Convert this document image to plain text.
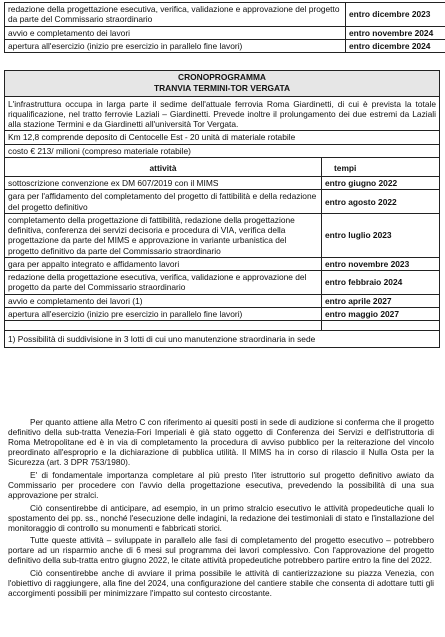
redazione della progettazione esecutiva, verifica, validazione e approvazione del progetto da parte del Commissario straordinario	entro dicembre 2023
avvio e completamento dei lavori	entro novembre 2024
apertura all'esercizio (inizio pre esercizio in parallelo fine lavori)	entro dicembre 2024
CRONOPROGRAMMA
TRANVIA TERMINI-TOR VERGATA
L'infrastruttura occupa in larga parte il sedime dell'attuale ferrovia Roma Giardinetti, di cui è prevista la totale riqualificazione, nel tratto ferrovie Laziali – Giardinetti. Prevede inoltre il prolungamento dei due estremi da Laziali alla stazione Termini e da Giardinetti all'università Tor Vergata.
Km 12,8 comprende deposito di Centocelle Est - 20 unità di materiale rotabile
costo € 213/ milioni (compreso materiale rotabile)
attività	tempi
sottoscrizione convenzione ex DM 607/2019 con il MIMS	entro giugno 2022
gara per l'affidamento del completamento del progetto di fattibilità e della redazione del progetto definitivo	entro agosto 2022
completamento della progettazione di fattibilità, redazione della progettazione definitiva, conferenza dei servizi decisoria e procedura di VIA, verifica della progettazione da parte del MIMS e approvazione in variante urbanistica del progetto definitivo da parte del Commissario straordinario	entro luglio 2023
gara per appalto integrato e affidamento lavori	entro novembre 2023
redazione della progettazione esecutiva, verifica, validazione e approvazione del progetto da parte del Commissario straordinario	entro febbraio 2024
avvio e completamento dei lavori (1)	entro aprile 2027
apertura all'esercizio (inizio pre esercizio in parallelo fine lavori)	entro maggio 2027

1) Possibilità di suddivisione in 3 lotti di cui uno manutenzione straordinaria in sede

Per quanto attiene alla Metro C con riferimento ai quesiti posti in sede di audizione si conferma che il progetto definitivo della sub-tratta Venezia-Fori Imperiali è già stato oggetto di Conferenza dei Servizi e dell'istruttoria di Roma Metropolitane ed è in via di completamento la procedura di avviso pubblico per la reiterazione del vincolo preordinato all'esproprio e la dichiarazione di pubblica utilità. Il MIMS ha in corso di rilascio il Nulla Osta per la Sicurezza (art. 3 DPR 753/1980).

E' di fondamentale importanza completare al più presto l'iter istruttorio sul progetto definitivo awiato da Commissario per procedere con l'avvio della progettazione esecutiva, prevedendo la possibilità di una sua approvazione per stralci.

Ciò consentirebbe di anticipare, ad esempio, in un primo stralcio esecutivo le attività propedeutiche quali lo spostamento dei pp. ss., nonché l'esecuzione delle indagini, la redazione dei testimoniali di stato e l'installazione del monitoraggio di controllo su monumenti e fabbricati storici.

Tutte queste attività – sviluppate in parallelo alle fasi di completamento del progetto esecutivo – potrebbero portare ad un risparmio anche di 6 mesi sul programma dei lavori complessivo. Con l'approvazione del progetto definitivo della sub-tratta entro giugno 2022, le citate attività propedeutiche potrebbero partire entro la fine del 2022.

Ciò consentirebbe anche di avviare il prima possibile le attività di cantierizzazione su piazza Venezia, con l'obiettivo di raggiungere, alla fine del 2024, una configurazione del cantiere stabile che consenta di adottare tutti gli accorgimenti possibili per minimizzare l'impatto sul contesto circostante.
